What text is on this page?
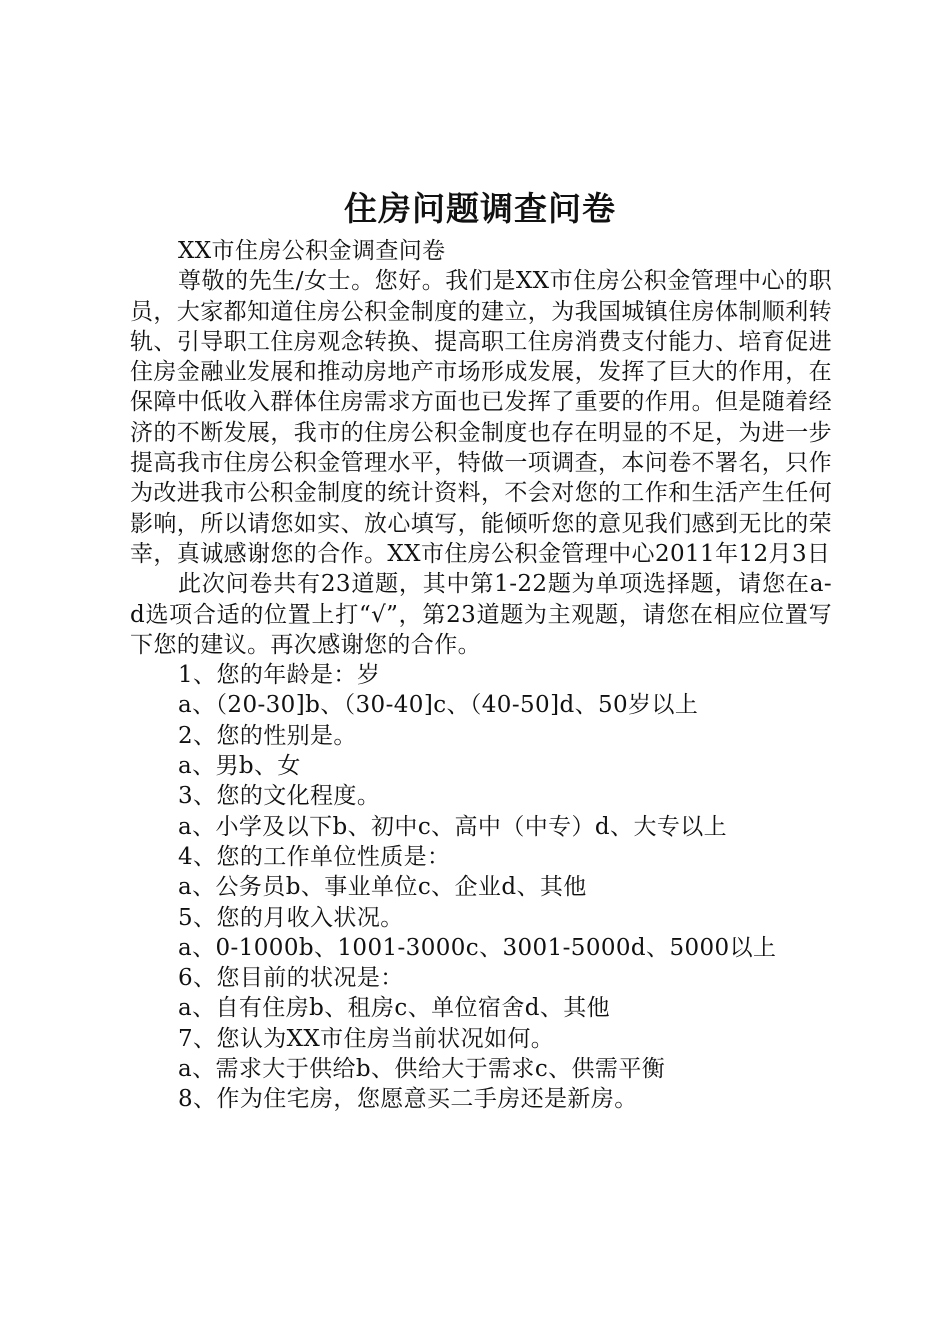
住房问题调查问卷

XX市住房公积金调查问卷

尊敬的先生/女士。您好。我们是XX市住房公积金管理中心的职员，大家都知道住房公积金制度的建立，为我国城镇住房体制顺利转轨、引导职工住房观念转换、提高职工住房消费支付能力、培育促进住房金融业发展和推动房地产市场形成发展，发挥了巨大的作用，在保障中低收入群体住房需求方面也已发挥了重要的作用。但是随着经济的不断发展，我市的住房公积金制度也存在明显的不足，为进一步提高我市住房公积金管理水平，特做一项调查，本问卷不署名，只作为改进我市公积金制度的统计资料，不会对您的工作和生活产生任何影响，所以请您如实、放心填写，能倾听您的意见我们感到无比的荣幸，真诚感谢您的合作。XX市住房公积金管理中心2011年12月3日

此次问卷共有23道题，其中第1-22题为单项选择题，请您在a-d选项合适的位置上打“√”，第23道题为主观题，请您在相应位置写下您的建议。再次感谢您的合作。

1、您的年龄是：岁

a、（20-30]b、（30-40]c、（40-50]d、50岁以上

2、您的性别是。

a、男b、女

3、您的文化程度。

a、小学及以下b、初中c、高中（中专）d、大专以上

4、您的工作单位性质是：

a、公务员b、事业单位c、企业d、其他

5、您的月收入状况。

a、0-1000b、1001-3000c、3001-5000d、5000以上

6、您目前的状况是：

a、自有住房b、租房c、单位宿舍d、其他

7、您认为XX市住房当前状况如何。

a、需求大于供给b、供给大于需求c、供需平衡

8、作为住宅房，您愿意买二手房还是新房。
